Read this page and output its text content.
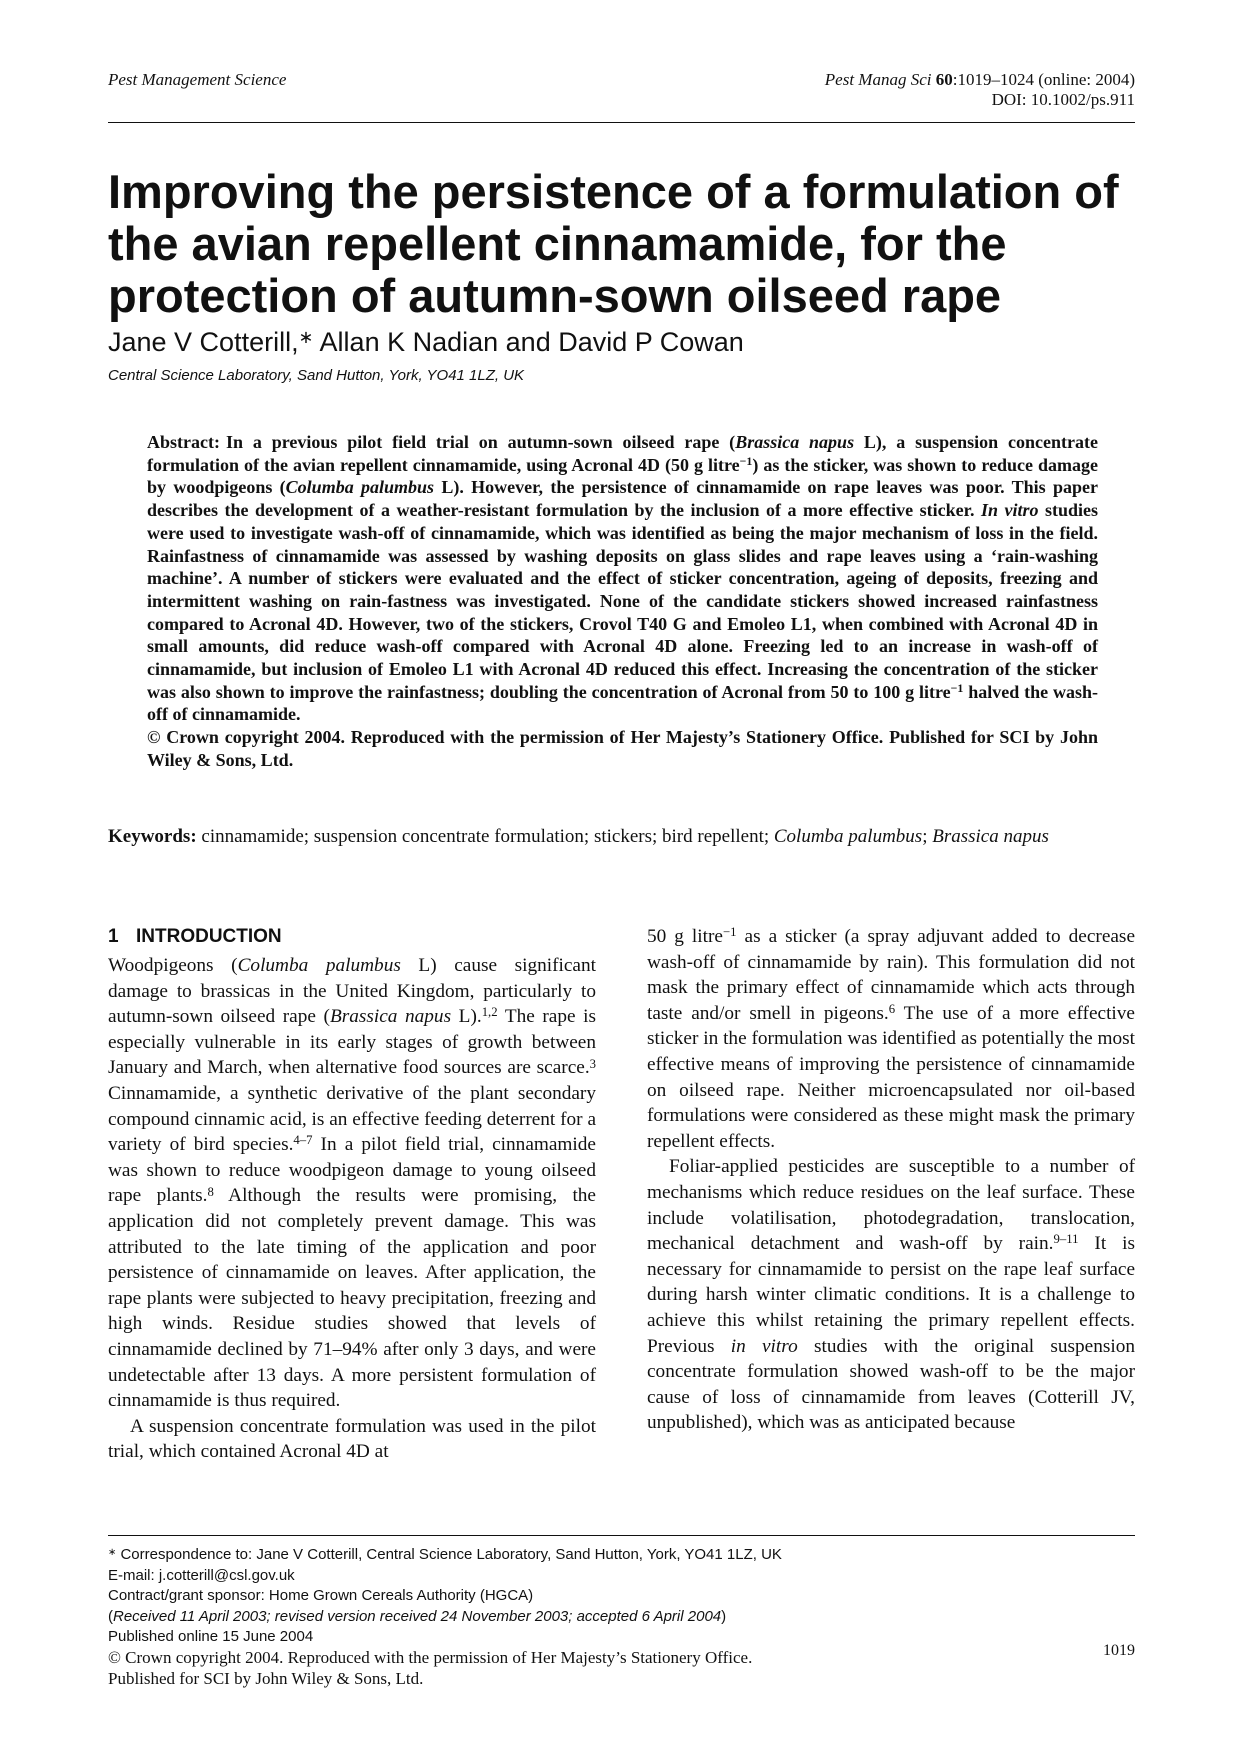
Pest Management Science	Pest Manag Sci 60:1019–1024 (online: 2004)
DOI: 10.1002/ps.911
Improving the persistence of a formulation of the avian repellent cinnamamide, for the protection of autumn-sown oilseed rape
Jane V Cotterill,∗ Allan K Nadian and David P Cowan
Central Science Laboratory, Sand Hutton, York, YO41 1LZ, UK

Abstract: In a previous pilot field trial on autumn-sown oilseed rape (Brassica napus L), a suspension concentrate formulation of the avian repellent cinnamamide, using Acronal 4D (50 g litre$^{-1}$) as the sticker, was shown to reduce damage by woodpigeons (Columba palumbus L). However, the persistence of cinnamamide on rape leaves was poor. This paper describes the development of a weather-resistant formulation by the inclusion of a more effective sticker. In vitro studies were used to investigate wash-off of cinnamamide, which was identified as being the major mechanism of loss in the field. Rainfastness of cinnamamide was assessed by washing deposits on glass slides and rape leaves using a ‘rain-washing machine’. A number of stickers were evaluated and the effect of sticker concentration, ageing of deposits, freezing and intermittent washing on rain-fastness was investigated. None of the candidate stickers showed increased rainfastness compared to Acronal 4D. However, two of the stickers, Crovol T40 G and Emoleo L1, when combined with Acronal 4D in small amounts, did reduce wash-off compared with Acronal 4D alone. Freezing led to an increase in wash-off of cinnamamide, but inclusion of Emoleo L1 with Acronal 4D reduced this effect. Increasing the concentration of the sticker was also shown to improve the rainfastness; doubling the concentration of Acronal from 50 to 100 g litre$^{-1}$ halved the wash-off of cinnamamide.

© Crown copyright 2004. Reproduced with the permission of Her Majesty’s Stationery Office. Published for SCI by John Wiley & Sons, Ltd.

Keywords: cinnamamide; suspension concentrate formulation; stickers; bird repellent; Columba palumbus; Brassica napus

1 INTRODUCTION

Woodpigeons (Columba palumbus L) cause significant damage to brassicas in the United Kingdom, particularly to autumn-sown oilseed rape (Brassica napus L).$^{1,2}$ The rape is especially vulnerable in its early stages of growth between January and March, when alternative food sources are scarce.$^3$ Cinnamamide, a synthetic derivative of the plant secondary compound cinnamic acid, is an effective feeding deterrent for a variety of bird species.$^{4-7}$ In a pilot field trial, cinnamamide was shown to reduce woodpigeon damage to young oilseed rape plants.$^8$ Although the results were promising, the application did not completely prevent damage. This was attributed to the late timing of the application and poor persistence of cinnamamide on leaves. After application, the rape plants were subjected to heavy precipitation, freezing and high winds. Residue studies showed that levels of cinnamamide declined by 71–94% after only 3 days, and were undetectable after 13 days. A more persistent formulation of cinnamamide is thus required.

A suspension concentrate formulation was used in the pilot trial, which contained Acronal 4D at

50 g litre$^{-1}$ as a sticker (a spray adjuvant added to decrease wash-off of cinnamamide by rain). This formulation did not mask the primary effect of cinnamamide which acts through taste and/or smell in pigeons.$^6$ The use of a more effective sticker in the formulation was identified as potentially the most effective means of improving the persistence of cinnamamide on oilseed rape. Neither microencapsulated nor oil-based formulations were considered as these might mask the primary repellent effects.

Foliar-applied pesticides are susceptible to a number of mechanisms which reduce residues on the leaf surface. These include volatilisation, photodegradation, translocation, mechanical detachment and wash-off by rain.$^{9-11}$ It is necessary for cinnamamide to persist on the rape leaf surface during harsh winter climatic conditions. It is a challenge to achieve this whilst retaining the primary repellent effects. Previous in vitro studies with the original suspension concentrate formulation showed wash-off to be the major cause of loss of cinnamamide from leaves (Cotterill JV, unpublished), which was as anticipated because

∗ Correspondence to: Jane V Cotterill, Central Science Laboratory, Sand Hutton, York, YO41 1LZ, UK
E-mail: j.cotterill@csl.gov.uk
Contract/grant sponsor: Home Grown Cereals Authority (HGCA)
(Received 11 April 2003; revised version received 24 November 2003; accepted 6 April 2004)
Published online 15 June 2004
© Crown copyright 2004. Reproduced with the permission of Her Majesty’s Stationery Office.
Published for SCI by John Wiley & Sons, Ltd.
1019
